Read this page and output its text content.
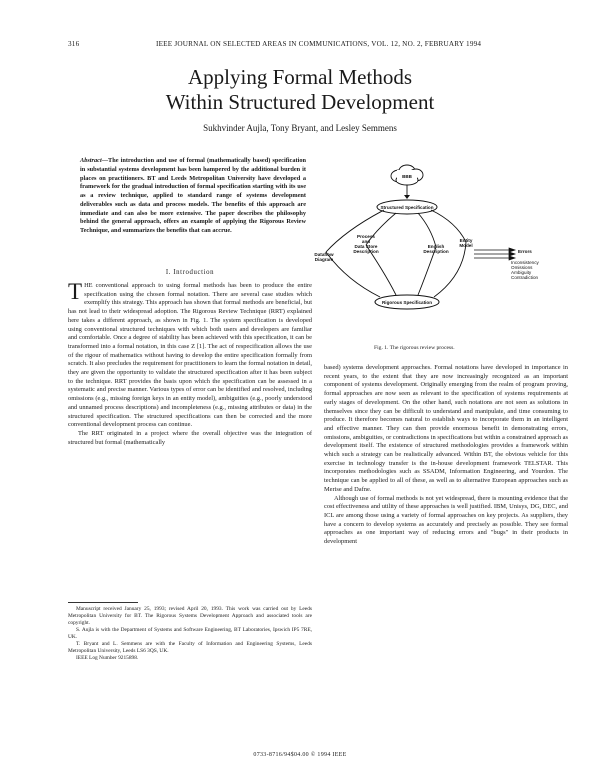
316	IEEE JOURNAL ON SELECTED AREAS IN COMMUNICATIONS, VOL. 12, NO. 2, FEBRUARY 1994
Applying Formal Methods
Within Structured Development
Sukhvinder Aujla, Tony Bryant, and Lesley Semmens
Abstract—The introduction and use of formal (mathematically based) specification in substantial systems development has been hampered by the additional burden it places on practitioners. BT and Leeds Metropolitan University have developed a framework for the gradual introduction of formal specification starting with its use as a review technique, applied to standard range of systems development deliverables such as data and process models. The benefits of this approach are immediate and can also be more extensive. The paper describes the philosophy behind the general approach, offers an example of applying the Rigorous Review Technique, and summarizes the benefits that can accrue.
I. Introduction

THE conventional approach to using formal methods has been to produce the entire specification using the chosen formal notation. There are several case studies which exemplify this strategy. This approach has shown that formal methods are beneficial, but has not lead to their widespread adoption. The Rigorous Review Technique (RRT) explained here takes a different approach, as shown in Fig. 1. The system specification is developed using conventional structured techniques with which both users and developers are familiar and comfortable. Once a degree of stability has been achieved with this specification, it can be transformed into a formal notation, in this case Z [1]. The act of respecification allows the use of the rigour of mathematics without having to develop the entire specification formally from scratch. It also precludes the requirement for practitioners to learn the formal notation in detail, they are given the opportunity to validate the structured specification after it has been subject to the technique. RRT provides the basis upon which the specification can be assessed in a systematic and precise manner. Various types of error can be identified and resolved, including omissions (e.g., missing foreign keys in an entity model), ambiguities (e.g., poorly understood and unnamed process descriptions) and incompleteness (e.g., missing attributes or data) in the structured specification. The structured specifications can then be corrected and the more conventional development process can continue.

The RRT originated in a project where the overall objective was the integration of structured but formal (mathematically

Manuscript received January 25, 1993; revised April 20, 1993. This work was carried out by Leeds Metropolitan University for BT. The Rigorous Systems Development Approach and associated tools are copyright.

S. Aujla is with the Department of Systems and Software Engineering, BT Laboratories, Ipswich IP5 7RE, UK.

T. Bryant and L. Semmens are with the Faculty of Information and Engineering Systems, Leeds Metropolitan University, Leeds LS6 3QS, UK.

IEEE Log Number 9215898.

BBB
Structured Specification
Rigorous Specification
Dataflow
Diagram
Process
and
Data Store
Description
English
Description
Entity
Model
Errors
Inconsistency
Omissions
Ambiguity
Contradiction
Fig. 1. The rigorous review process.

based) systems development approaches. Formal notations have developed in importance in recent years, to the extent that they are now increasingly recognized as an important component of systems development. Originally emerging from the realm of program proving, formal approaches are now seen as relevant to the specification of systems requirements at early stages of development. On the other hand, such notations are not seen as solutions in themselves since they can be difficult to understand and manipulate, and time consuming to produce. It therefore becomes natural to establish ways to incorporate them in an intelligent and effective manner. They can then provide enormous benefit in demonstrating errors, omissions, ambiguities, or contradictions in specifications but within a constrained approach as development itself. The existence of structured methodologies provides a framework within which such a strategy can be realistically advanced. Within BT, the obvious vehicle for this exercise in technology transfer is the in-house development framework TELSTAR. This incorporates methodologies such as SSADM, Information Engineering, and Yourdon. The technique can be applied to all of these, as well as to alternative European approaches such as Merise and Dafne.

Although use of formal methods is not yet widespread, there is mounting evidence that the cost effectiveness and utility of these approaches is well justified. IBM, Unisys, DG, DEC, and ICL are among those using a variety of formal approaches on key projects. As suppliers, they have a concern to develop systems as accurately and precisely as possible. They see formal approaches as one important way of reducing errors and "bugs" in their products in development

0733-8716/94$04.00 © 1994 IEEE
